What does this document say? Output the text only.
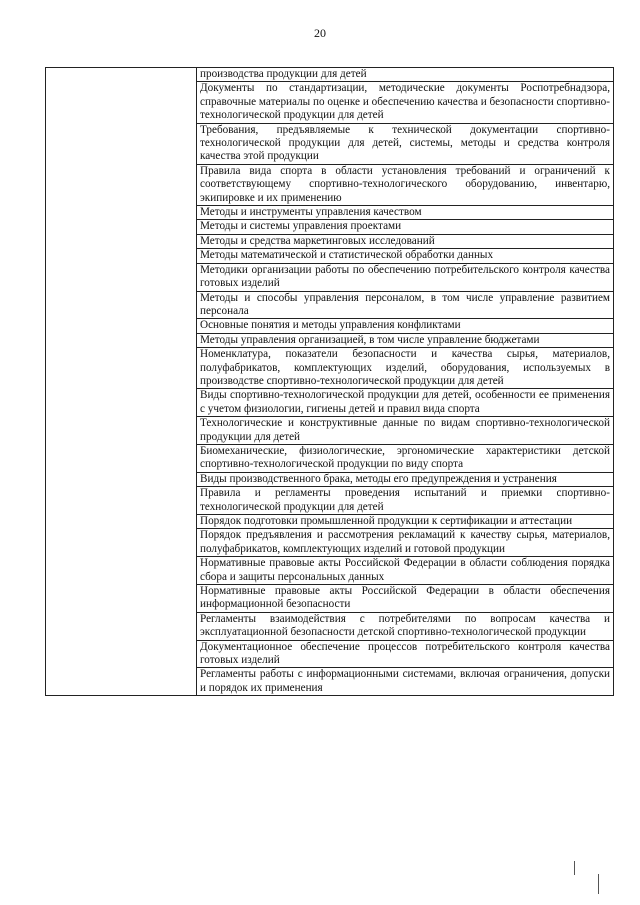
20
	производства продукции для детей
Документы по стандартизации, методические документы Роспотребнадзора, справочные материалы по оценке и обеспечению качества и безопасности спортивно-технологической продукции для детей
Требования, предъявляемые к технической документации спортивно-технологической продукции для детей, системы, методы и средства контроля качества этой продукции
Правила вида спорта в области установления требований и ограничений к соответствующему спортивно-технологического оборудованию, инвентарю, экипировке и их применению
Методы и инструменты управления качеством
Методы и системы управления проектами
Методы и средства маркетинговых исследований
Методы математической и статистической обработки данных
Методики организации работы по обеспечению потребительского контроля качества готовых изделий
Методы и способы управления персоналом, в том числе управление развитием персонала
Основные понятия и методы управления конфликтами
Методы управления организацией, в том числе управление бюджетами
Номенклатура, показатели безопасности и качества сырья, материалов, полуфабрикатов, комплектующих изделий, оборудования, используемых в производстве спортивно-технологической продукции для детей
Виды спортивно-технологической продукции для детей, особенности ее применения с учетом физиологии, гигиены детей и правил вида спорта
Технологические и конструктивные данные по видам спортивно-технологической продукции для детей
Биомеханические, физиологические, эргономические характеристики детской спортивно-технологической продукции по виду спорта
Виды производственного брака, методы его предупреждения и устранения
Правила и регламенты проведения испытаний и приемки спортивно-технологической продукции для детей
Порядок подготовки промышленной продукции к сертификации и аттестации
Порядок предъявления и рассмотрения рекламаций к качеству сырья, материалов, полуфабрикатов, комплектующих изделий и готовой продукции
Нормативные правовые акты Российской Федерации в области соблюдения порядка сбора и защиты персональных данных
Нормативные правовые акты Российской Федерации в области обеспечения информационной безопасности
Регламенты взаимодействия с потребителями по вопросам качества и эксплуатационной безопасности детской спортивно-технологической продукции
Документационное обеспечение процессов потребительского контроля качества готовых изделий
Регламенты работы с информационными системами, включая ограничения, допуски и порядок их применения
